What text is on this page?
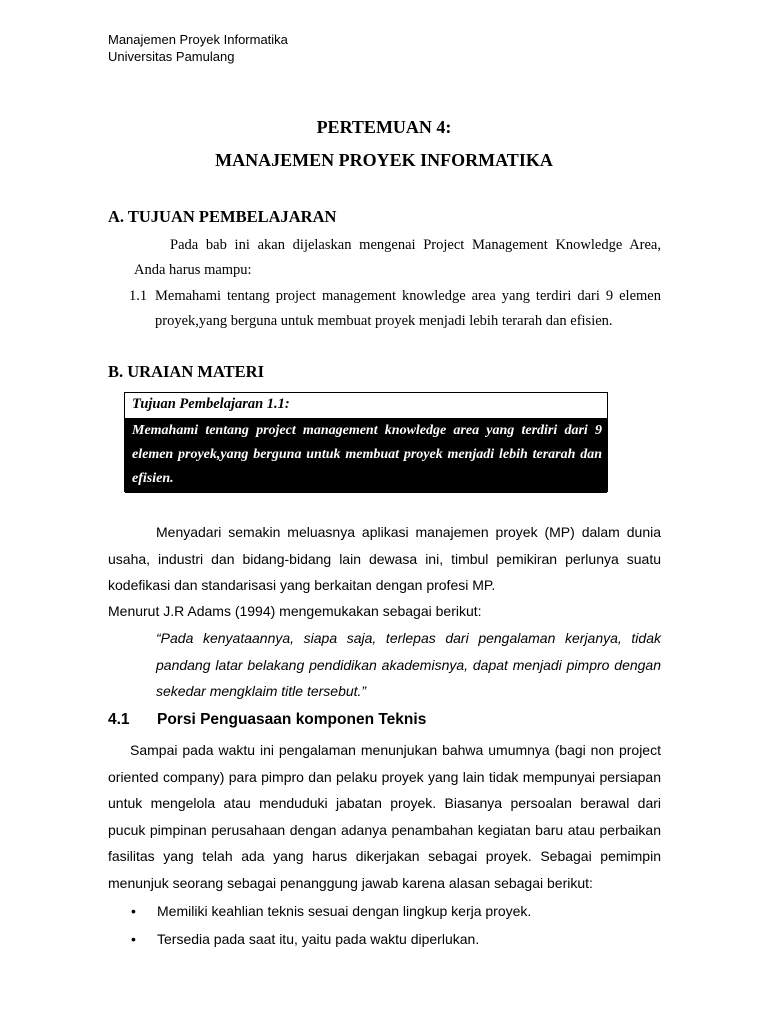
Manajemen Proyek Informatika
Universitas Pamulang
PERTEMUAN 4:
MANAJEMEN PROYEK INFORMATIKA
A. TUJUAN PEMBELAJARAN
Pada bab ini akan dijelaskan mengenai Project Management Knowledge Area,
Anda harus mampu:
1.1 Memahami tentang project management knowledge area yang terdiri dari 9 elemen proyek,yang berguna untuk membuat proyek menjadi lebih terarah dan efisien.
B. URAIAN MATERI
Tujuan Pembelajaran 1.1:
Memahami tentang project management knowledge area yang terdiri dari 9 elemen proyek,yang berguna untuk membuat proyek menjadi lebih terarah dan efisien.
Menyadari semakin meluasnya aplikasi manajemen proyek (MP) dalam dunia usaha, industri dan bidang-bidang lain dewasa ini, timbul pemikiran perlunya suatu kodefikasi dan standarisasi yang berkaitan dengan profesi MP.
Menurut J.R Adams (1994) mengemukakan sebagai berikut:
“Pada kenyataannya, siapa saja, terlepas dari pengalaman kerjanya, tidak pandang latar belakang pendidikan akademisnya, dapat menjadi pimpro dengan sekedar mengklaim title tersebut.”
4.1 Porsi Penguasaan komponen Teknis
Sampai pada waktu ini pengalaman menunjukan bahwa umumnya (bagi non project oriented company) para pimpro dan pelaku proyek yang lain tidak mempunyai persiapan untuk mengelola atau menduduki jabatan proyek. Biasanya persoalan berawal dari pucuk pimpinan perusahaan dengan adanya penambahan kegiatan baru atau perbaikan fasilitas yang telah ada yang harus dikerjakan sebagai proyek. Sebagai pemimpin menunjuk seorang sebagai penanggung jawab karena alasan sebagai berikut:
• Memiliki keahlian teknis sesuai dengan lingkup kerja proyek.
• Tersedia pada saat itu, yaitu pada waktu diperlukan.
